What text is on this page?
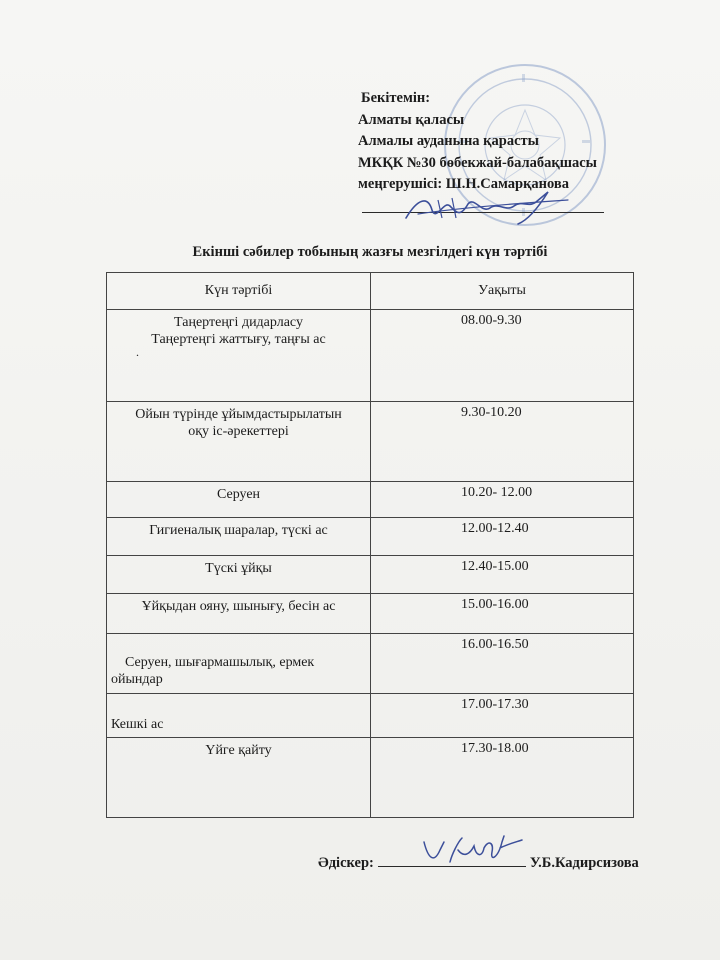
Бекітемін:
Алматы қаласы
Алмалы ауданына қарасты
МКҚК №30 бөбекжай-балабақшасы
меңгерушісі: Ш.Н.Самарқанова
Екінші сәбилер тобының жазғы мезгілдегі күн тәртібі
Күн тәртібі	Уақыты
Таңертеңгі дидарласу
Таңертеңгі жаттығу, таңғы ас
.	08.00-9.30
Ойын түрінде ұйымдастырылатын
оқу іс-әрекеттері	9.30-10.20
Серуен	10.20- 12.00
Гигиеналық шаралар, түскі ас	12.00-12.40
Түскі ұйқы	12.40-15.00
Ұйқыдан ояну, шынығу, бесін ас	15.00-16.00
Серуен, шығармашылық, ермек
ойындар	16.00-16.50
Кешкі ас	17.00-17.30
Үйге қайту	17.30-18.00
Әдіскер:	У.Б.Кадирсизова
